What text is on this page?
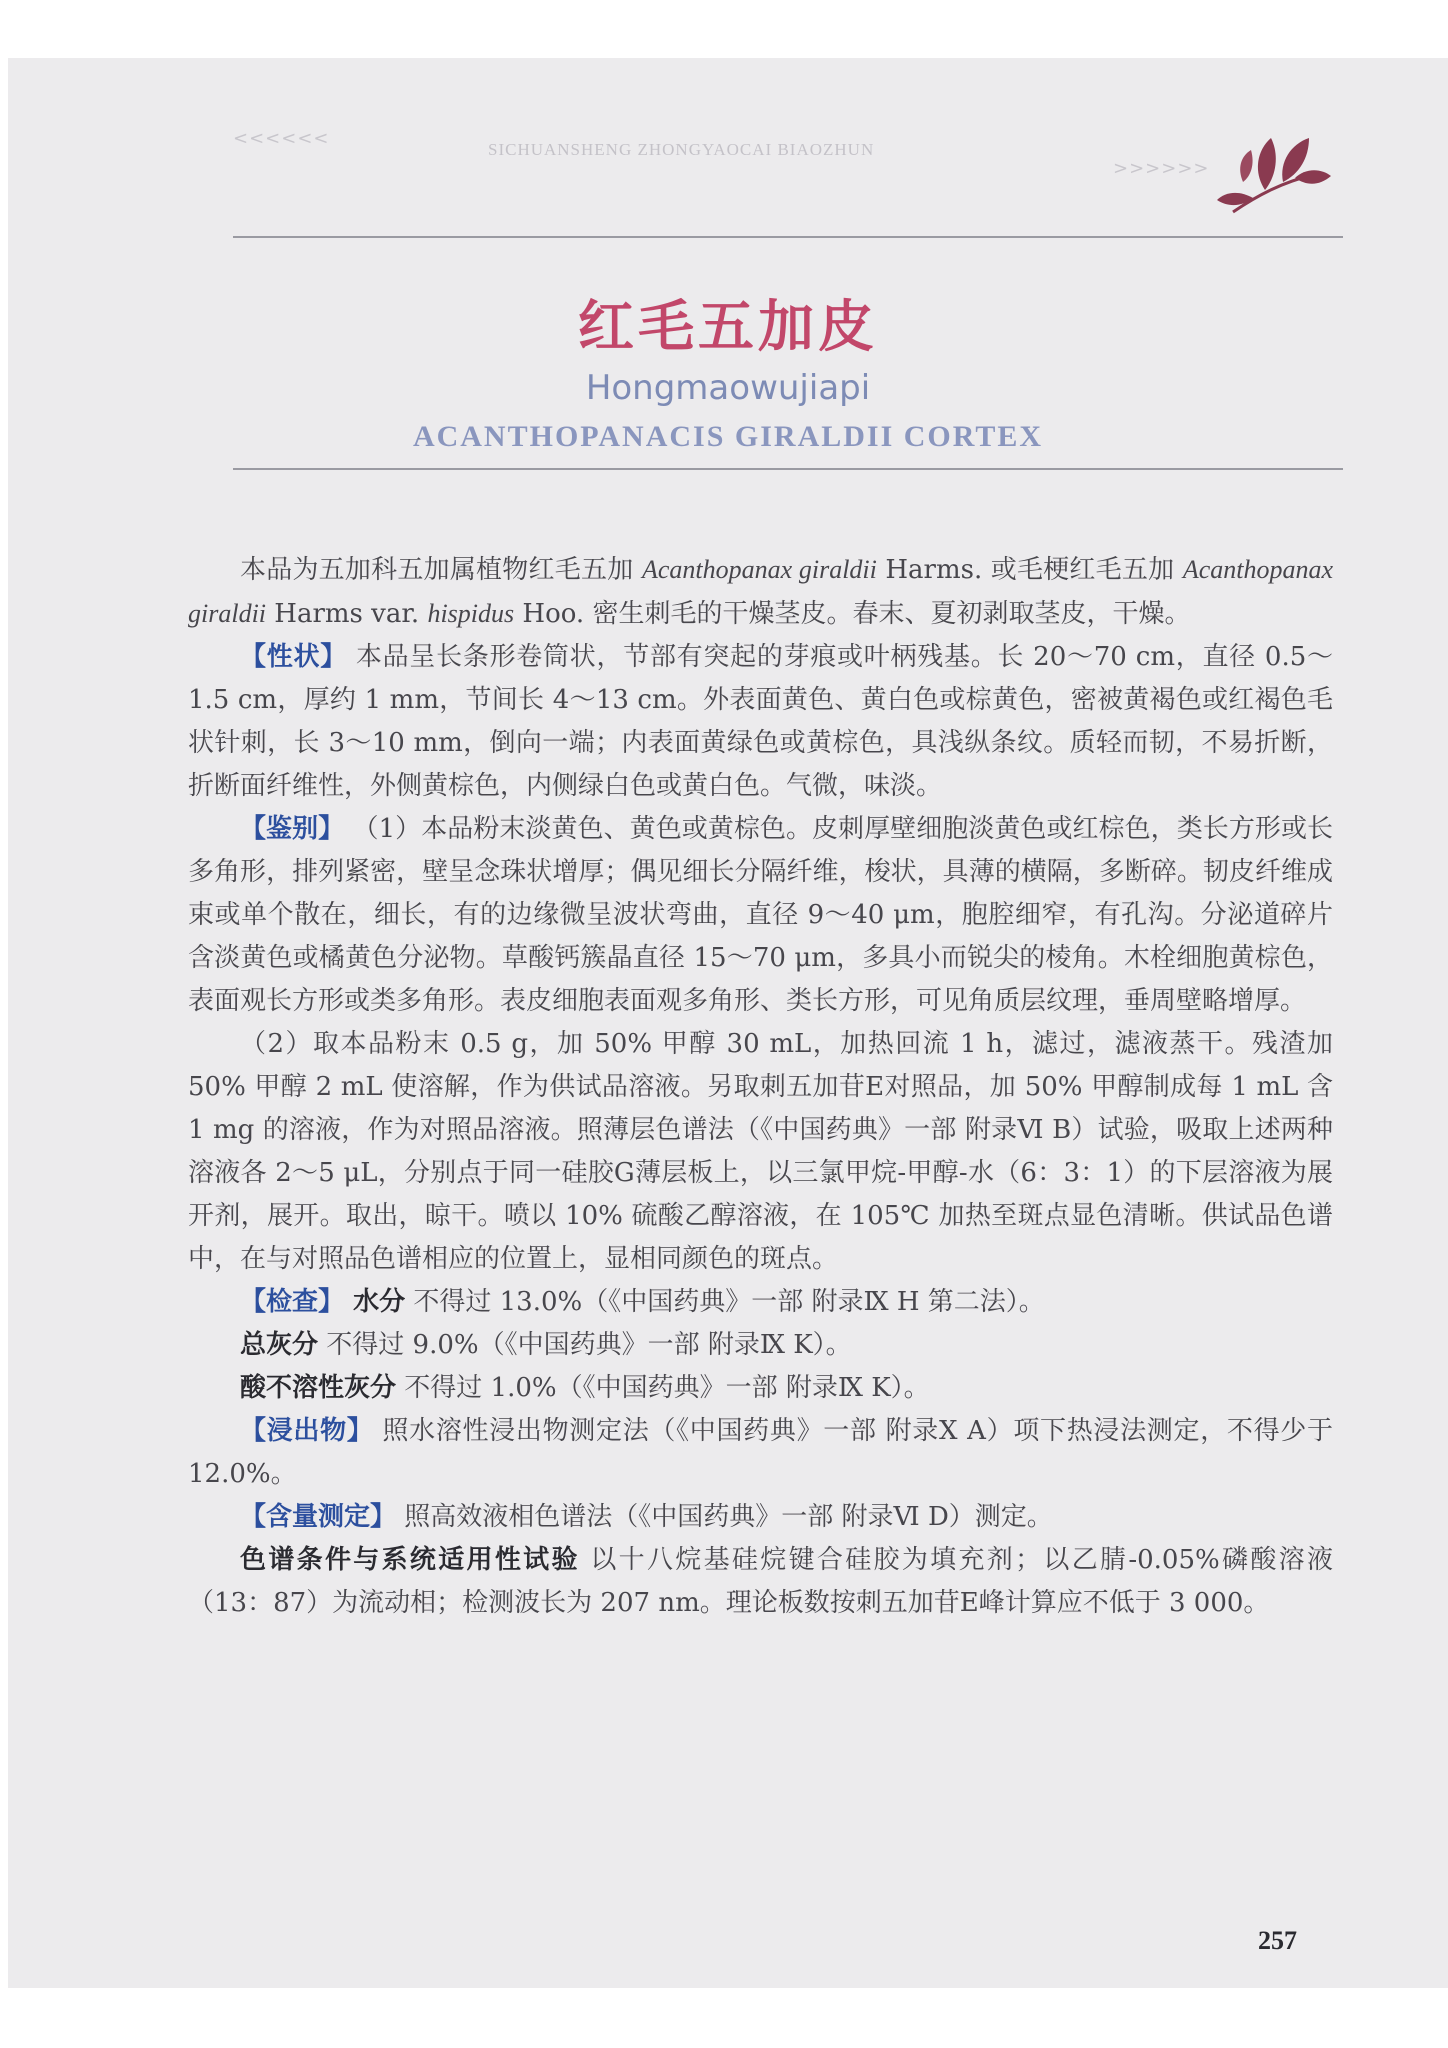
<<<<<<
SICHUANSHENG ZHONGYAOCAI BIAOZHUN
>>>>>>
红毛五加皮
Hongmaowujiapi
ACANTHOPANACIS GIRALDII CORTEX

本品为五加科五加属植物红毛五加 Acanthopanax giraldii Harms. 或毛梗红毛五加 Acanthopanax giraldii Harms var. hispidus Hoo. 密生刺毛的干燥茎皮。春末、夏初剥取茎皮，干燥。

【性状】 本品呈长条形卷筒状，节部有突起的芽痕或叶柄残基。长 20～70 cm，直径 0.5～1.5 cm，厚约 1 mm，节间长 4～13 cm。外表面黄色、黄白色或棕黄色，密被黄褐色或红褐色毛状针刺，长 3～10 mm，倒向一端；内表面黄绿色或黄棕色，具浅纵条纹。质轻而韧，不易折断，折断面纤维性，外侧黄棕色，内侧绿白色或黄白色。气微，味淡。

【鉴别】 （1）本品粉末淡黄色、黄色或黄棕色。皮刺厚壁细胞淡黄色或红棕色，类长方形或长多角形，排列紧密，壁呈念珠状增厚；偶见细长分隔纤维，梭状，具薄的横隔，多断碎。韧皮纤维成束或单个散在，细长，有的边缘微呈波状弯曲，直径 9～40 μm，胞腔细窄，有孔沟。分泌道碎片含淡黄色或橘黄色分泌物。草酸钙簇晶直径 15～70 μm，多具小而锐尖的棱角。木栓细胞黄棕色，表面观长方形或类多角形。表皮细胞表面观多角形、类长方形，可见角质层纹理，垂周壁略增厚。

（2）取本品粉末 0.5 g，加 50% 甲醇 30 mL，加热回流 1 h，滤过，滤液蒸干。残渣加 50% 甲醇 2 mL 使溶解，作为供试品溶液。另取刺五加苷E对照品，加 50% 甲醇制成每 1 mL 含 1 mg 的溶液，作为对照品溶液。照薄层色谱法（《中国药典》一部 附录Ⅵ B）试验，吸取上述两种溶液各 2～5 μL，分别点于同一硅胶G薄层板上，以三氯甲烷-甲醇-水（6：3：1）的下层溶液为展开剂，展开。取出，晾干。喷以 10% 硫酸乙醇溶液，在 105℃ 加热至斑点显色清晰。供试品色谱中，在与对照品色谱相应的位置上，显相同颜色的斑点。

【检查】 水分 不得过 13.0%（《中国药典》一部 附录Ⅸ H 第二法）。

总灰分 不得过 9.0%（《中国药典》一部 附录Ⅸ K）。

酸不溶性灰分 不得过 1.0%（《中国药典》一部 附录Ⅸ K）。

【浸出物】 照水溶性浸出物测定法（《中国药典》一部 附录Ⅹ A）项下热浸法测定，不得少于12.0%。

【含量测定】 照高效液相色谱法（《中国药典》一部 附录Ⅵ D）测定。

色谱条件与系统适用性试验 以十八烷基硅烷键合硅胶为填充剂；以乙腈-0.05%磷酸溶液（13：87）为流动相；检测波长为 207 nm。理论板数按刺五加苷E峰计算应不低于 3 000。

257
